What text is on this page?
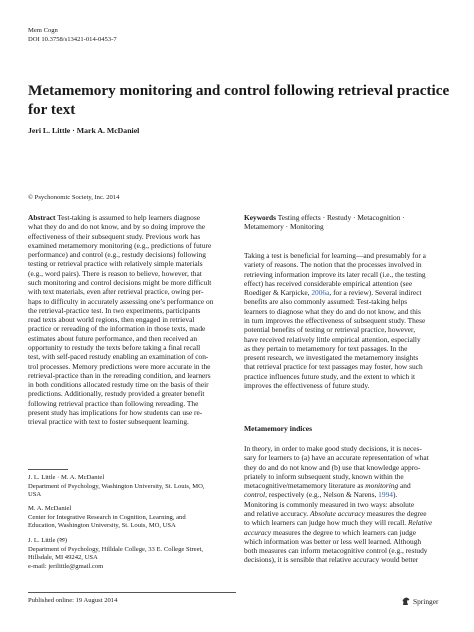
Mem Cogn
DOI 10.3758/s13421-014-0453-7
Metamemory monitoring and control following retrieval practice
for text
Jeri L. Little · Mark A. McDaniel
© Psychonomic Society, Inc. 2014
Abstract Test-taking is assumed to help learners diagnose
what they do and do not know, and by so doing improve the
effectiveness of their subsequent study. Previous work has
examined metamemory monitoring (e.g., predictions of future
performance) and control (e.g., restudy decisions) following
testing or retrieval practice with relatively simple materials
(e.g., word pairs). There is reason to believe, however, that
such monitoring and control decisions might be more difficult
with text materials, even after retrieval practice, owing per-
haps to difficulty in accurately assessing one’s performance on
the retrieval-practice test. In two experiments, participants
read texts about world regions, then engaged in retrieval
practice or rereading of the information in those texts, made
estimates about future performance, and then received an
opportunity to restudy the texts before taking a final recall
test, with self-paced restudy enabling an examination of con-
trol processes. Memory predictions were more accurate in the
retrieval-practice than in the rereading condition, and learners
in both conditions allocated restudy time on the basis of their
predictions. Additionally, restudy provided a greater benefit
following retrieval practice than following rereading. The
present study has implications for how students can use re-
trieval practice with text to foster subsequent learning.
Keywords Testing effects · Restudy · Metacognition ·
Metamemory · Monitoring
Taking a test is beneficial for learning—and presumably for a
variety of reasons. The notion that the processes involved in
retrieving information improve its later recall (i.e., the testing
effect) has received considerable empirical attention (see
Roediger & Karpicke, 2006a, for a review). Several indirect
benefits are also commonly assumed: Test-taking helps
learners to diagnose what they do and do not know, and this
in turn improves the effectiveness of subsequent study. These
potential benefits of testing or retrieval practice, however,
have received relatively little empirical attention, especially
as they pertain to metamemory for text passages. In the
present research, we investigated the metamemory insights
that retrieval practice for text passages may foster, how such
practice influences future study, and the extent to which it
improves the effectiveness of future study.
Metamemory indices
In theory, in order to make good study decisions, it is neces-
sary for learners to (a) have an accurate representation of what
they do and do not know and (b) use that knowledge appro-
priately to inform subsequent study, known within the
metacognitive/metamemory literature as monitoring and
control, respectively (e.g., Nelson & Narens, 1994).
Monitoring is commonly measured in two ways: absolute
and relative accuracy. Absolute accuracy measures the degree
to which learners can judge how much they will recall. Relative
accuracy measures the degree to which learners can judge
which information was better or less well learned. Although
both measures can inform metacognitive control (e.g., restudy
decisions), it is sensible that relative accuracy would better
J. L. Little · M. A. McDaniel
Department of Psychology, Washington University, St. Louis, MO,
USA
M. A. McDaniel
Center for Integrative Research in Cognition, Learning, and
Education, Washington University, St. Louis, MO, USA
J. L. Little (✉)
Department of Psychology, Hilldale College, 33 E. College Street,
Hillsdale, MI 49242, USA
e-mail: jerilittle@gmail.com
Published online: 19 August 2014	Springer
